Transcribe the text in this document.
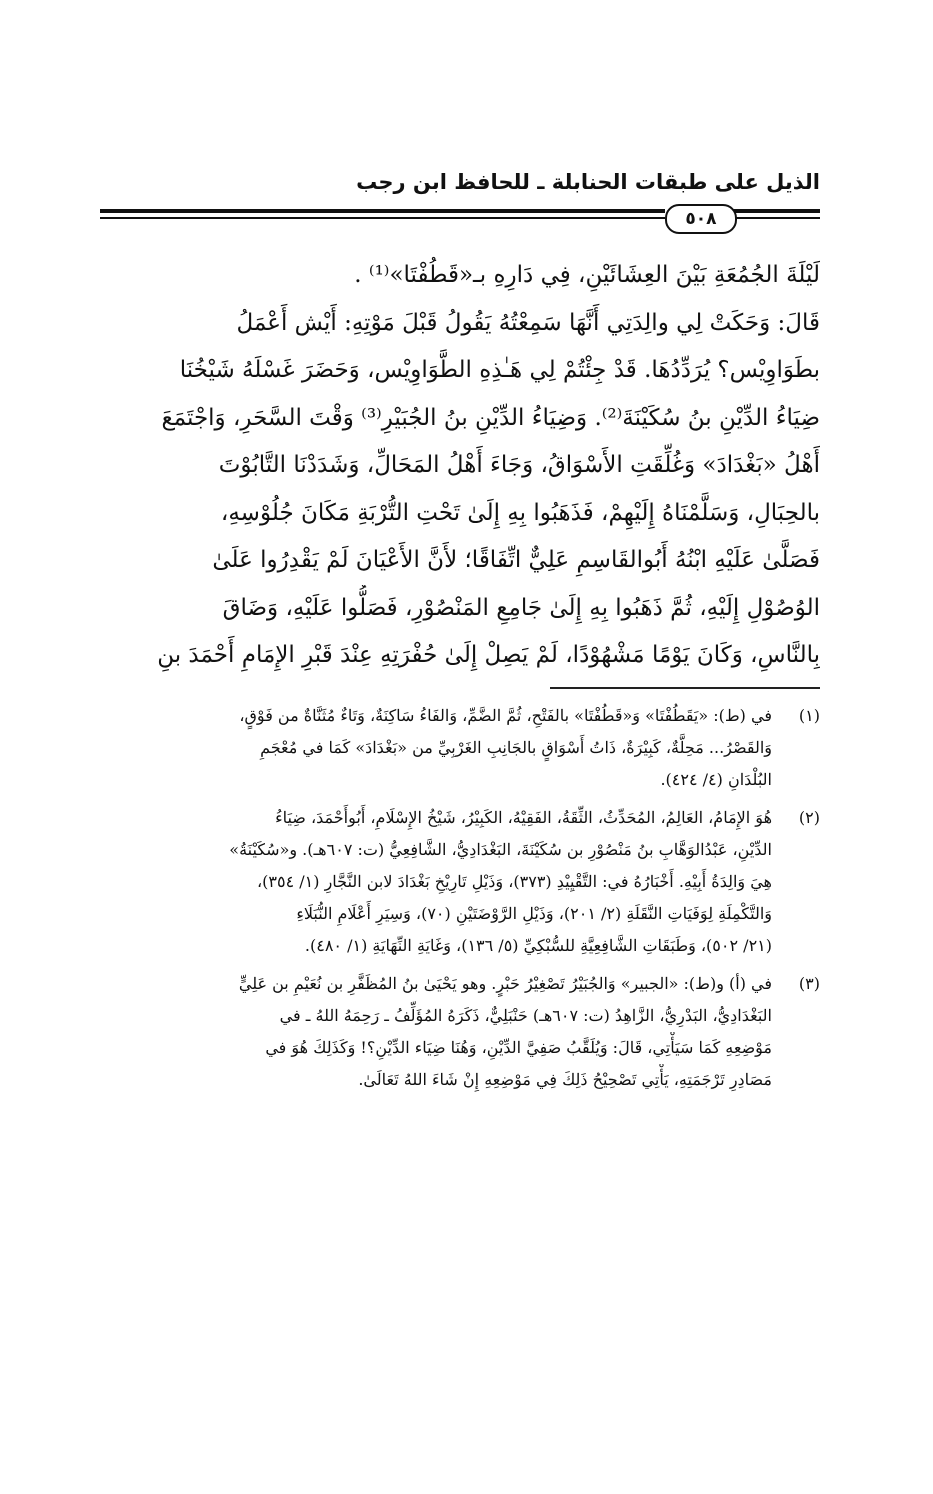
الذيل على طبقات الحنابلة ـ للحافظ ابن رجب
٥٠٨
لَيْلَةَ الجُمُعَةِ بَيْنَ العِشَائَيْنِ، فِي دَارِهِ بـ«قَطُفْتَا»⁽¹⁾ .
قَالَ: وَحَكَتْ لِي والِدَتِي أَنَّهَا سَمِعْتُهُ يَقُولُ قَبْلَ مَوْتِهِ: أَيْش أَعْمَلُ
بطَوَاوِيْس؟ يُرَدِّدُهَا. قَدْ جِئْتُمْ لِي هَـٰذِهِ الطَّوَاوِيْس، وَحَضَرَ غَسْلَهُ شَيْخُنَا
ضِيَاءُ الدِّيْنِ بنُ سُكَيْنَةَ⁽²⁾. وَضِيَاءُ الدِّيْنِ بنُ الجُبَيْرِ⁽³⁾ وَقْتَ السَّحَرِ، وَاجْتَمَعَ
أَهْلُ «بَغْدَادَ» وَغُلِّقَتِ الأَسْوَاقُ، وَجَاءَ أَهْلُ المَحَالِّ، وَشَدَدْنَا التَّابُوْتَ
بالحِبَالِ، وَسَلَّمْنَاهُ إِلَيْهِمْ، فَذَهَبُوا بِهِ إِلَىٰ تَحْتِ التُّرْبَةِ مَكَانَ جُلُوْسِهِ،
فَصَلَّىٰ عَلَيْهِ ابْنُهُ أَبُوالقَاسِمِ عَلِيٌّ اتِّفَاقًا؛ لأَنَّ الأَعْيَانَ لَمْ يَقْدِرُوا عَلَىٰ
الوُصُوْلِ إِلَيْهِ، ثُمَّ ذَهَبُوا بِهِ إِلَىٰ جَامِعِ المَنْصُوْرِ، فَصَلُّوا عَلَيْهِ، وَضَاقَ
بِالنَّاسِ، وَكَانَ يَوْمًا مَشْهُوْدًا، لَمْ يَصِلْ إِلَىٰ حُفْرَتِهِ عِنْدَ قَبْرِ الإِمَامِ أَحْمَدَ بنِ
(١)
في (ط): «يَقَطُفْتَا» وَ«قَطُفْتَا» بالفَتْحِ، ثُمَّ الضَّمِّ، وَالفَاءُ سَاكِنَةٌ، وَتَاءٌ مُثَنَّاةٌ من فَوْقٍ،
وَالقَصْرُ... مَحِلَّةٌ، كَبِيْرَةٌ، ذَاتُ أَسْوَاقٍ بالجَانِبِ الغَرْبِيِّ من «بَغْدَادَ» كَمَا في مُعْجَمِ
البُلْدَانِ (٤/ ٤٢٤).
(٢)
هُوَ الإِمَامُ، العَالِمُ، المُحَدِّثُ، الثِّقَةُ، الفَقِيْهُ، الكَبِيْرُ، شَيْخُ الإِسْلَامِ، أَبُوأَحْمَدَ، ضِيَاءُ
الدِّيْنِ، عَبْدُالوَهَّابِ بنُ مَنْصُوْرِ بن سُكَيْنَةَ، البَغْدَادِيُّ، الشَّافِعِيُّ (ت: ٦٠٧هـ). و«سُكَيْنَةُ»
هِيَ وَالِدَةُ أَبِيْهِ. أَخْبَارُهُ في: التَّقْيِيْدِ (٣٧٣)، وَذَيْلِ تَارِيْخِ بَغْدَادَ لابن النَّجَّارِ (١/ ٣٥٤)،
وَالتَّكْمِلَةِ لِوَفَيَاتِ النَّقَلَةِ (٢/ ٢٠١)، وَذَيْلِ الرَّوْضَتَيْنِ (٧٠)، وَسِيَرِ أَعْلَامِ النُّبَلَاءِ
(٢١/ ٥٠٢)، وَطَبَقَاتِ الشَّافِعِيَّةِ للسُّبْكِيِّ (٥/ ١٣٦)، وَغَايَةِ النِّهَايَةِ (١/ ٤٨٠).
(٣)
في (أ) و(ط): «الجبير» وَالجُبَيْرُ تَصْغِيْرُ حَبْرٍ. وهو يَحْيَىٰ بنُ المُظَفَّرِ بن نُعَيْمِ بن عَلِيٍّ
البَغْدَادِيُّ، البَدْرِيُّ، الزَّاهِدُ (ت: ٦٠٧هـ) حَنْبَلِيٌّ، ذَكَرَهُ المُؤَلِّفُ ـ رَحِمَهُ اللهُ ـ في
مَوْضِعِهِ كَمَا سَيَأْتِي، قَالَ: وَيُلَقَّبُ صَفِيَّ الدِّيْنِ، وَهُنَا ضِيَاء الدِّيْنِ؟! وَكَذَلِكَ هُوَ في
مَصَادِرِ تَرْجَمَتِهِ، يَأْتِي تَصْحِيْحُ ذَلِكَ فِي مَوْضِعِهِ إِنْ شَاءَ اللهُ تَعَالَىٰ.
